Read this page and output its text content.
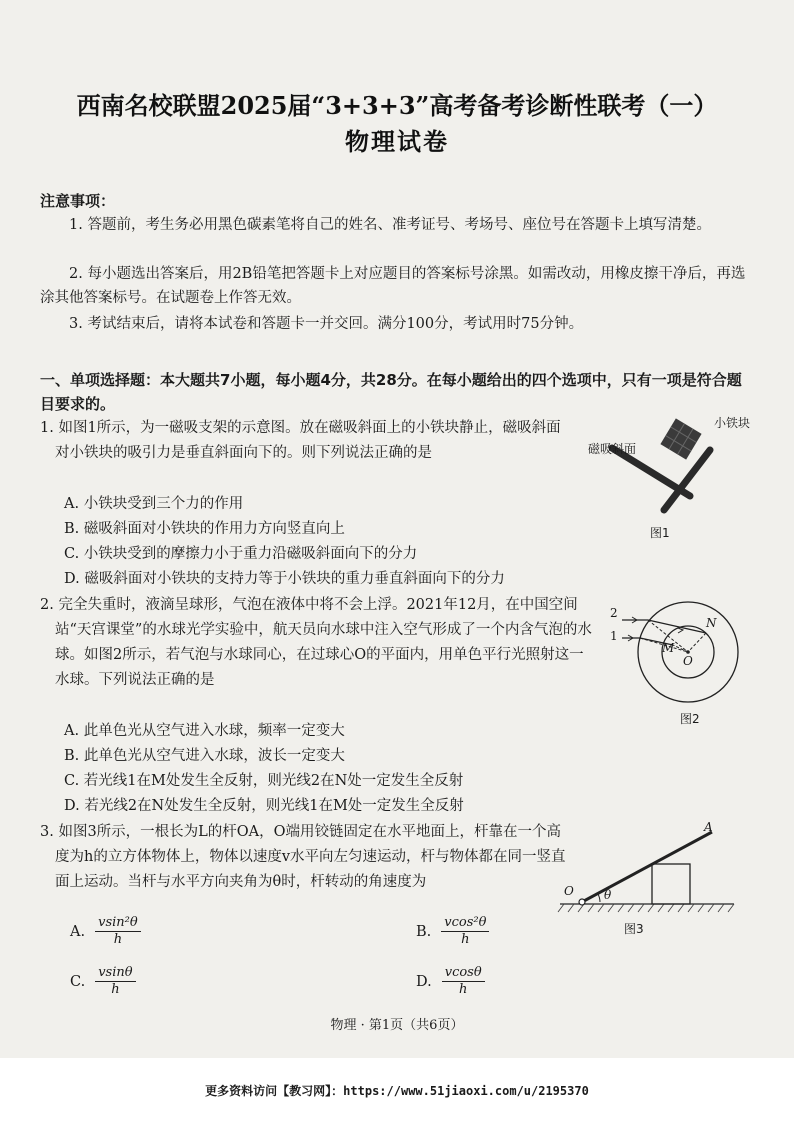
西南名校联盟2025届“3+3+3”高考备考诊断性联考（一）
物理试卷
注意事项：
1. 答题前，考生务必用黑色碳素笔将自己的姓名、准考证号、考场号、座位号在答题卡上填写清楚。
2. 每小题选出答案后，用2B铅笔把答题卡上对应题目的答案标号涂黑。如需改动，用橡皮擦干净后，再选涂其他答案标号。在试题卷上作答无效。
3. 考试结束后，请将本试卷和答题卡一并交回。满分100分，考试用时75分钟。
一、单项选择题：本大题共7小题，每小题4分，共28分。在每小题给出的四个选项中，只有一项是符合题目要求的。
1. 如图1所示，为一磁吸支架的示意图。放在磁吸斜面上的小铁块静止，磁吸斜面对小铁块的吸引力是垂直斜面向下的。则下列说法正确的是
A. 小铁块受到三个力的作用
B. 磁吸斜面对小铁块的作用力方向竖直向上
C. 小铁块受到的摩擦力小于重力沿磁吸斜面向下的分力
D. 磁吸斜面对小铁块的支持力等于小铁块的重力垂直斜面向下的分力
小铁块
磁吸斜面
图1
2. 完全失重时，液滴呈球形，气泡在液体中将不会上浮。2021年12月，在中国空间站“天宫课堂”的水球光学实验中，航天员向水球中注入空气形成了一个内含气泡的水球。如图2所示，若气泡与水球同心，在过球心O的平面内，用单色平行光照射这一水球。下列说法正确的是
A. 此单色光从空气进入水球，频率一定变大
B. 此单色光从空气进入水球，波长一定变大
C. 若光线1在M处发生全反射，则光线2在N处一定发生全反射
D. 若光线2在N处发生全反射，则光线1在M处一定发生全反射
2
1
N
M
O
图2
3. 如图3所示，一根长为L的杆OA，O端用铰链固定在水平地面上，杆靠在一个高度为h的立方体物体上，物体以速度v水平向左匀速运动，杆与物体都在同一竖直面上运动。当杆与水平方向夹角为θ时，杆转动的角速度为
A. $\frac{\text{vsin²θ}}{h}$	B. $\frac{\text{vcos²θ}}{h}$
C. $\frac{vsin\theta}{h}$	D. $\frac{vcos\theta}{h}$
A
O	θ
图3
物理 · 第1页（共6页）
更多资料访问【教习网】：https://www.51jiaoxi.com/u/2195370
